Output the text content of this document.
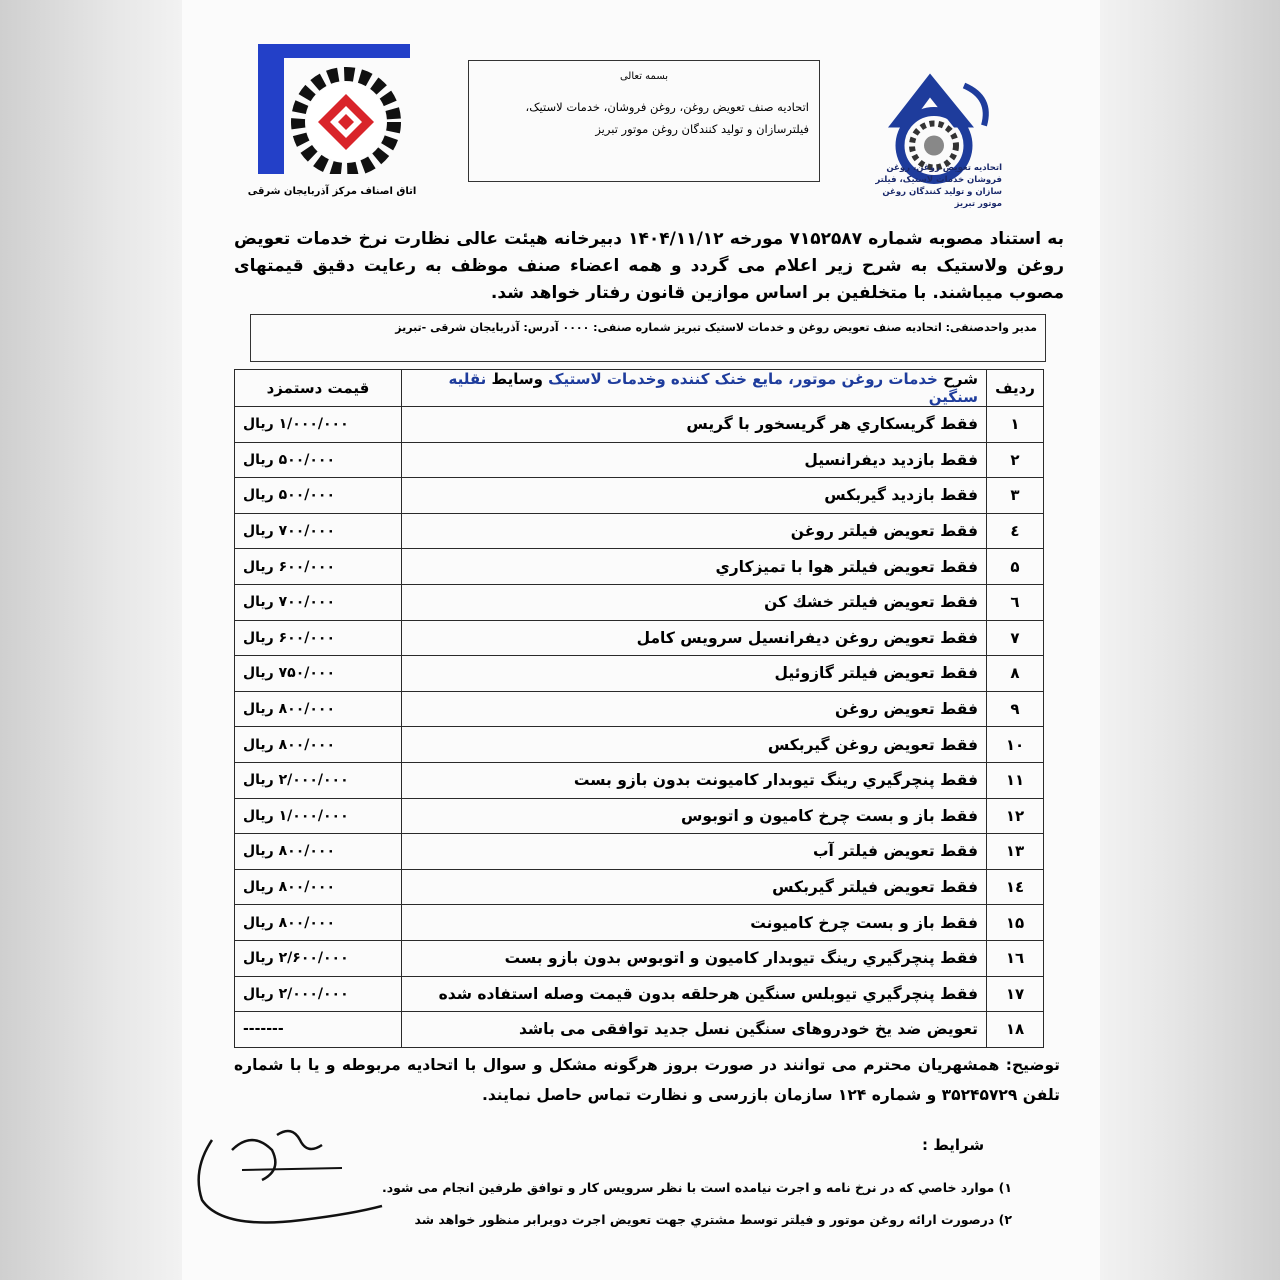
اتاق اصناف مرکز آذربایجان شرقی
بسمه تعالی
اتحادیه صنف تعویض روغن، روغن فروشان، خدمات لاستیک، فیلترسازان و تولید کنندگان روغن موتور تبریز
اتحادیه تعویض روغن، روغن فروشان خدمات لاستیک، فیلتر سازان و تولید کنندگان روغن موتور تبریز
به استناد مصوبه شماره ۷۱۵۲۵۸۷ مورخه ۱۴۰۴/۱۱/۱۲ دبیرخانه هیئت عالی نظارت نرخ خدمات تعویض روغن ولاستیک به شرح زیر اعلام می گردد و همه اعضاء صنف موظف به رعایت دقیق قیمتهای مصوب میباشند. با متخلفین بر اساس موازین قانون رفتار خواهد شد.
مدیر واحدصنفی: اتحادیه صنف تعویض روغن و خدمات لاستیک تبریز شماره صنفی: ۰۰۰۰ آدرس: آذربایجان شرقی -تبریز
ردیف	شرح خدمات روغن موتور، مایع خنک کننده وخدمات لاستیک وسایط نقلیه سنگین	قیمت دستمزد
۱	فقط گریسکاري هر گریسخور با گریس	۱/۰۰۰/۰۰۰ ریال
۲	فقط بازدید دیفرانسیل	۵۰۰/۰۰۰ ریال
۳	فقط بازدید گیربکس	۵۰۰/۰۰۰ ریال
٤	فقط تعویض فیلتر روغن	۷۰۰/۰۰۰ ریال
۵	فقط تعویض فیلتر هوا با تمیزکاري	۶۰۰/۰۰۰ ریال
٦	فقط تعویض فیلتر خشك کن	۷۰۰/۰۰۰ ریال
۷	فقط تعویض روغن دیفرانسیل سرویس کامل	۶۰۰/۰۰۰ ریال
۸	فقط تعویض فیلتر گازوئیل	۷۵۰/۰۰۰ ریال
۹	فقط تعویض روغن	۸۰۰/۰۰۰ ریال
۱۰	فقط تعویض روغن گیربکس	۸۰۰/۰۰۰ ریال
۱۱	فقط پنچرگیري رینگ تیوبدار کامیونت بدون بازو بست	۲/۰۰۰/۰۰۰ ریال
۱۲	فقط باز و بست چرخ کامیون و اتوبوس	۱/۰۰۰/۰۰۰ ریال
۱۳	فقط تعویض فیلتر آب	۸۰۰/۰۰۰ ریال
١٤	فقط تعویض فیلتر گیربکس	۸۰۰/۰۰۰ ریال
۱۵	فقط باز و بست چرخ کامیونت	۸۰۰/۰۰۰ ریال
١٦	فقط پنچرگیري رینگ تیوبدار کامیون و اتوبوس بدون بازو بست	۲/۶۰۰/۰۰۰ ریال
۱۷	فقط پنچرگیري تیوبلس سنگین هرحلقه بدون قیمت وصله استفاده شده	۲/۰۰۰/۰۰۰ ریال
۱۸	تعویض ضد یخ خودروهای سنگین نسل جدید توافقی می باشد	-------
توضیح: همشهریان محترم می توانند در صورت بروز هرگونه مشکل و سوال با اتحادیه مربوطه و یا با شماره تلفن ۳۵۲۴۵۷۲۹ و شماره ۱۲۴ سازمان بازرسی و نظارت تماس حاصل نمایند.
شرایط :
۱) موارد خاصي که در نرخ نامه و اجرت نیامده است با نظر سرویس کار و توافق طرفین انجام می شود.
۲) درصورت ارائه روغن موتور و فیلتر توسط مشتري جهت تعویض اجرت دوبرابر منظور خواهد شد
